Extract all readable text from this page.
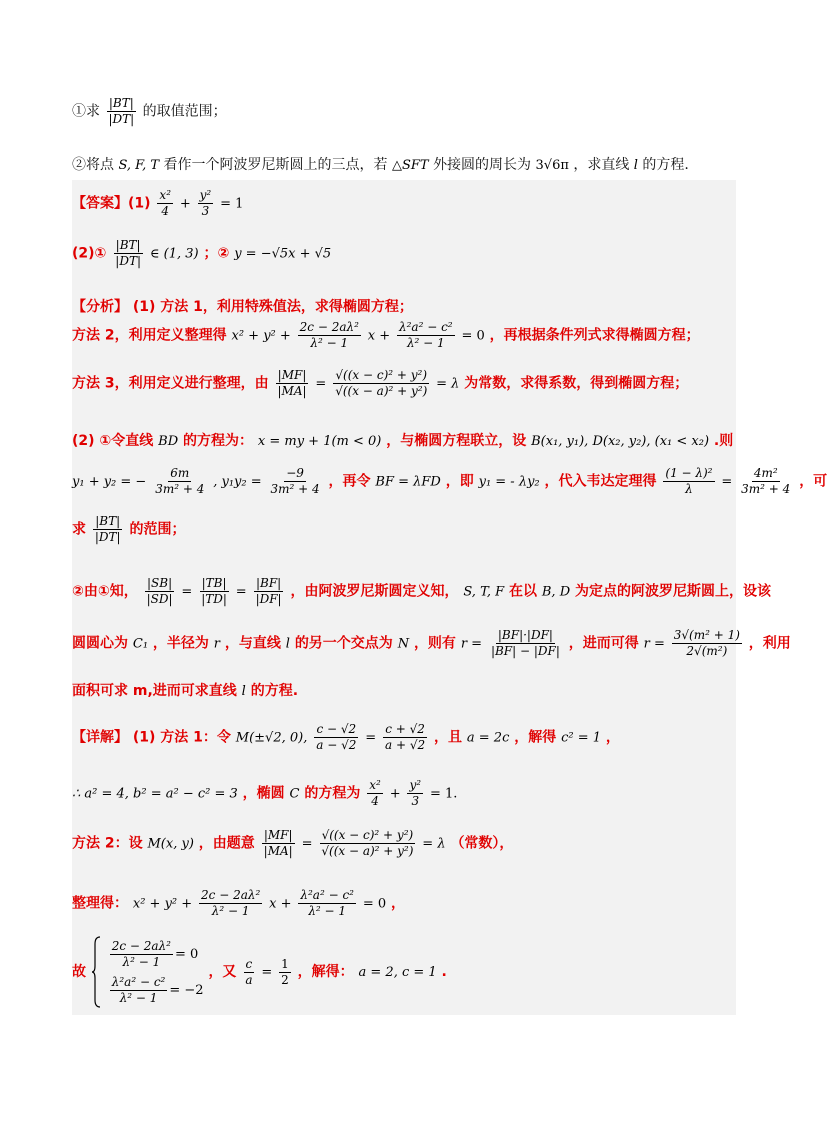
①求 $\frac{|BT|}{|DT|}$ 的取值范围；
②将点 S, F, T 看作一个阿波罗尼斯圆上的三点，若 △SFT 外接圆的周长为 3√6π ，求直线 l 的方程.
【答案】$(1) \frac{\text{x²}}{4} + \frac{\text{y²}}{3} = 1$
(2)① $\frac{|BT|}{|DT|}$ ∈ (1, 3) ；② y = −√5x + √5
【分析】 (1) 方法 1，利用特殊值法，求得椭圆方程；
方法 2，利用定义整理得 $x^2 + y^2 + \frac{\text{2c − 2aλ²}}{\text{λ² − 1}}$ $x + \frac{\text{λ²a² − c²}}{\text{λ² − 1}} = 0$ ，再根据条件列式求得椭圆方程；
方法 3，利用定义进行整理，由 $\frac{|MF|}{|MA|} = \frac{\text{√((x − c)² + y²)}}{\text{√((x − a)² + y²)}} = \lambda$ 为常数，求得系数，得到椭圆方程；
(2) ①令直线 BD 的方程为： x = my + 1(m < 0) ，与椭圆方程联立，设 B(x₁, y₁), D(x₂, y₂), (x₁ < x₂) .则
y₁ + y₂ = − $\frac{6m}{\text{3m² + 4}}$ , $y_1y_2 = \frac{-9}{\text{3m² + 4}}$ ，再令 BF = λFD ，即 y₁ = - λy₂ ，代入韦达定理得 $\frac{\text{(1 − λ)²}}{\lambda} = \frac{\text{4m²}}{\text{3m² + 4}}$ ，可
求 $\frac{|BT|}{|DT|}$ 的范围；
②由①知， $\frac{|SB|}{|SD|} = \frac{|TB|}{|TD|} = \frac{|BF|}{|DF|}$ ，由阿波罗尼斯圆定义知， S, T, F 在以 B, D 为定点的阿波罗尼斯圆上，设该
圆圆心为 C₁ ，半径为 r ，与直线 l 的另一个交点为 N ，则有 $r = \frac{|BF|\cdot|DF|}{|BF| - |DF|}$ ，进而可得 $r = \frac{\text{3√(m² + 1)}}{\text{2√(m²)}}$ ，利用
面积可求 m,进而可求直线 l 的方程.
【详解】 (1) 方法 1：令 M(±√2, 0), $\frac{c - √2}{a - √2} = \frac{c + √2}{a + √2}$ ，且 a = 2c ，解得 c² = 1 ，
∴ a² = 4, b² = a² − c² = 3 ，椭圆 C 的方程为 $\frac{\text{x²}}{4} + \frac{\text{y²}}{3} = 1$.
方法 2：设 M(x, y) ，由题意 $\frac{|MF|}{|MA|} = \frac{\text{√((x − c)² + y²)}}{\text{√((x − a)² + y²)}} = \lambda$ （常数），
整理得： $x^2 + y^2 + \frac{\text{2c − 2aλ²}}{\text{λ² − 1}}$ $x + \frac{\text{λ²a² − c²}}{\text{λ² − 1}} = 0$ ，
故
$\frac{\text{2c − 2aλ²}}{\text{λ² − 1}} = 0$
$\frac{\text{λ²a² − c²}}{\text{λ² − 1}} = -2$
，又 $\frac{c}{a} = \frac{1}{2}$ ，解得： a = 2, c = 1 .
